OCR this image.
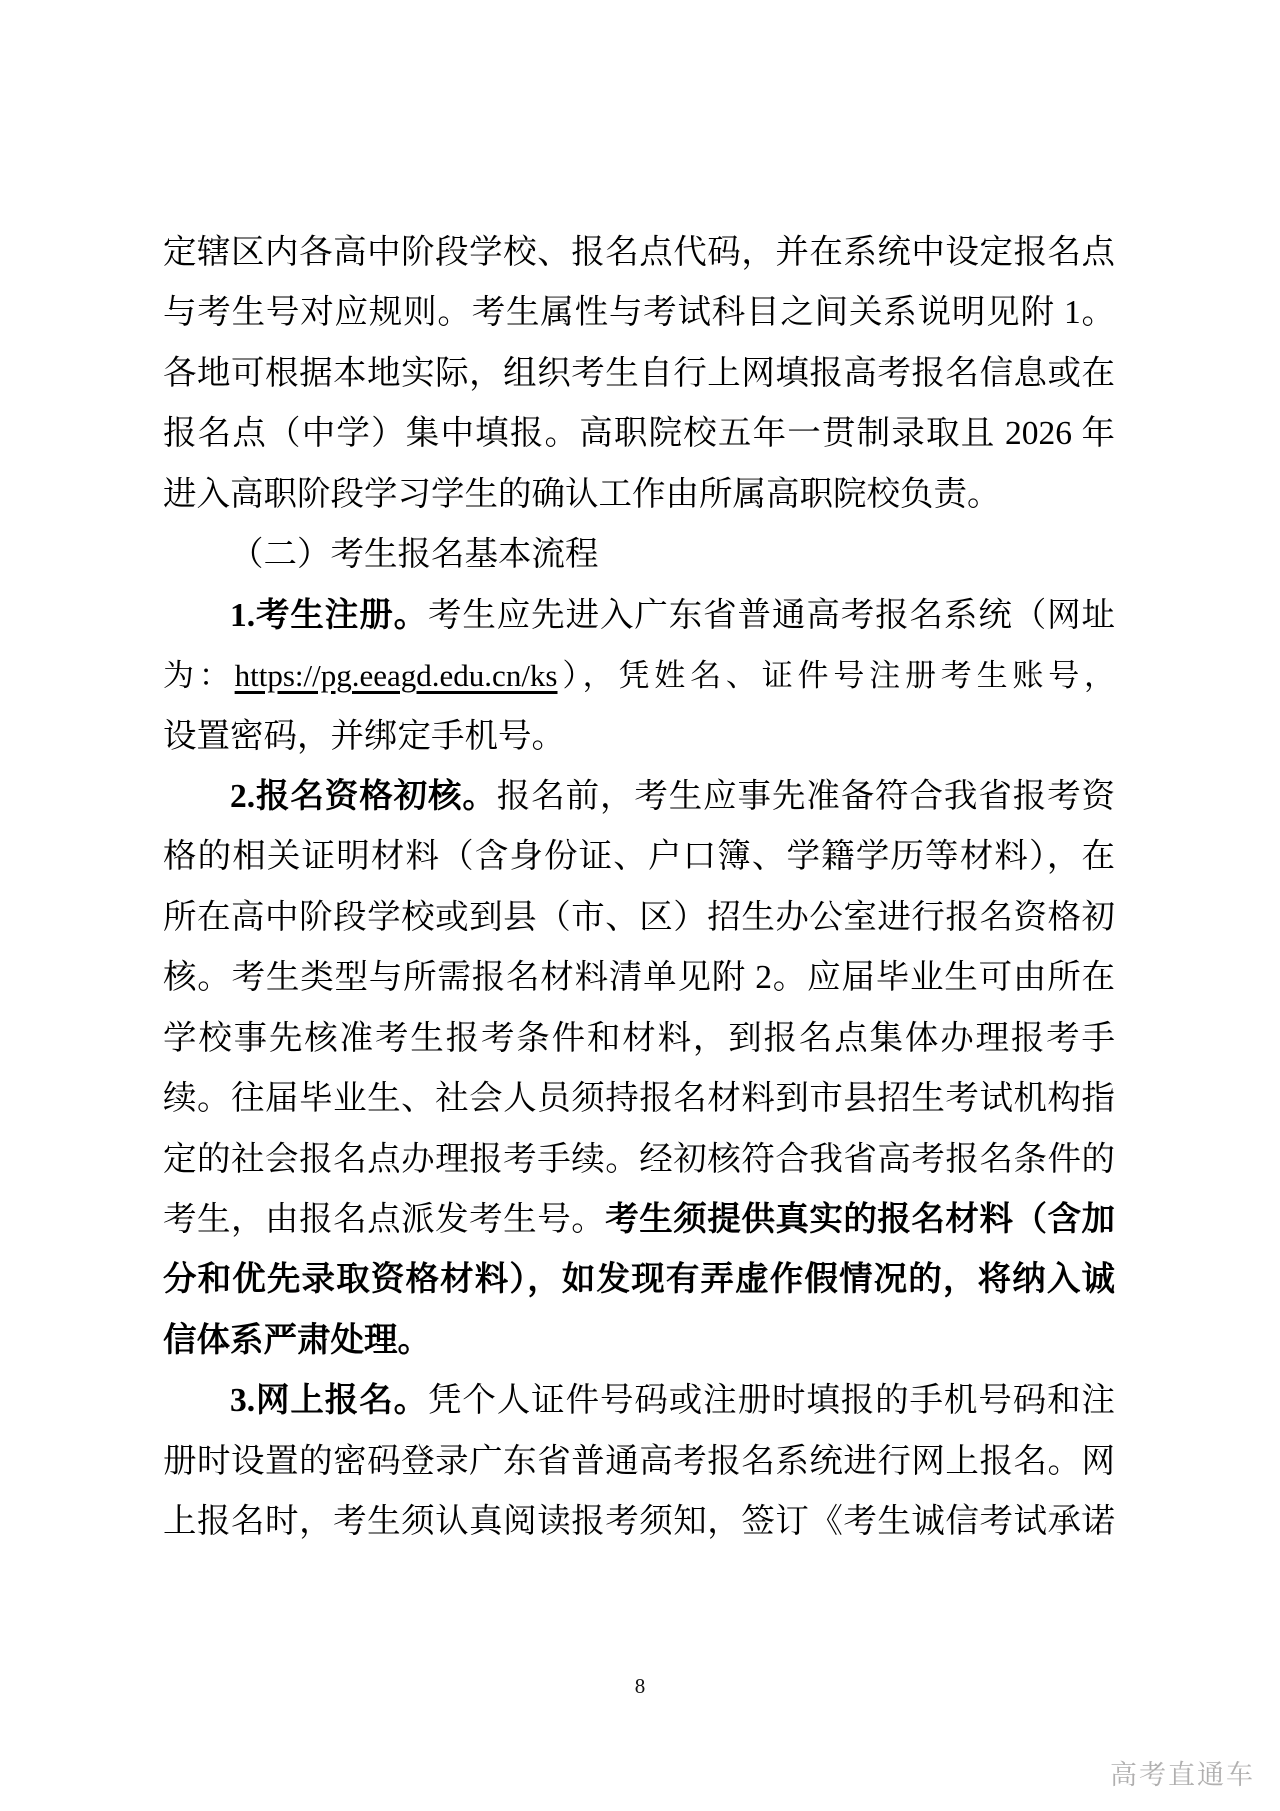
定辖区内各高中阶段学校、报名点代码，并在系统中设定报名点
与考生号对应规则。考生属性与考试科目之间关系说明见附 1。
各地可根据本地实际，组织考生自行上网填报高考报名信息或在
报名点（中学）集中填报。高职院校五年一贯制录取且 2026 年
进入高职阶段学习学生的确认工作由所属高职院校负责。
（二）考生报名基本流程
1.考生注册。考生应先进入广东省普通高考报名系统（网址
为：https://pg.eeagd.edu.cn/ks），凭姓名、证件号注册考生账号，
设置密码，并绑定手机号。
2.报名资格初核。报名前，考生应事先准备符合我省报考资
格的相关证明材料（含身份证、户口簿、学籍学历等材料），在
所在高中阶段学校或到县（市、区）招生办公室进行报名资格初
核。考生类型与所需报名材料清单见附 2。应届毕业生可由所在
学校事先核准考生报考条件和材料，到报名点集体办理报考手
续。往届毕业生、社会人员须持报名材料到市县招生考试机构指
定的社会报名点办理报考手续。经初核符合我省高考报名条件的
考生，由报名点派发考生号。考生须提供真实的报名材料（含加
分和优先录取资格材料），如发现有弄虚作假情况的，将纳入诚
信体系严肃处理。
3.网上报名。凭个人证件号码或注册时填报的手机号码和注
册时设置的密码登录广东省普通高考报名系统进行网上报名。网
上报名时，考生须认真阅读报考须知，签订《考生诚信考试承诺
8
高考直通车
